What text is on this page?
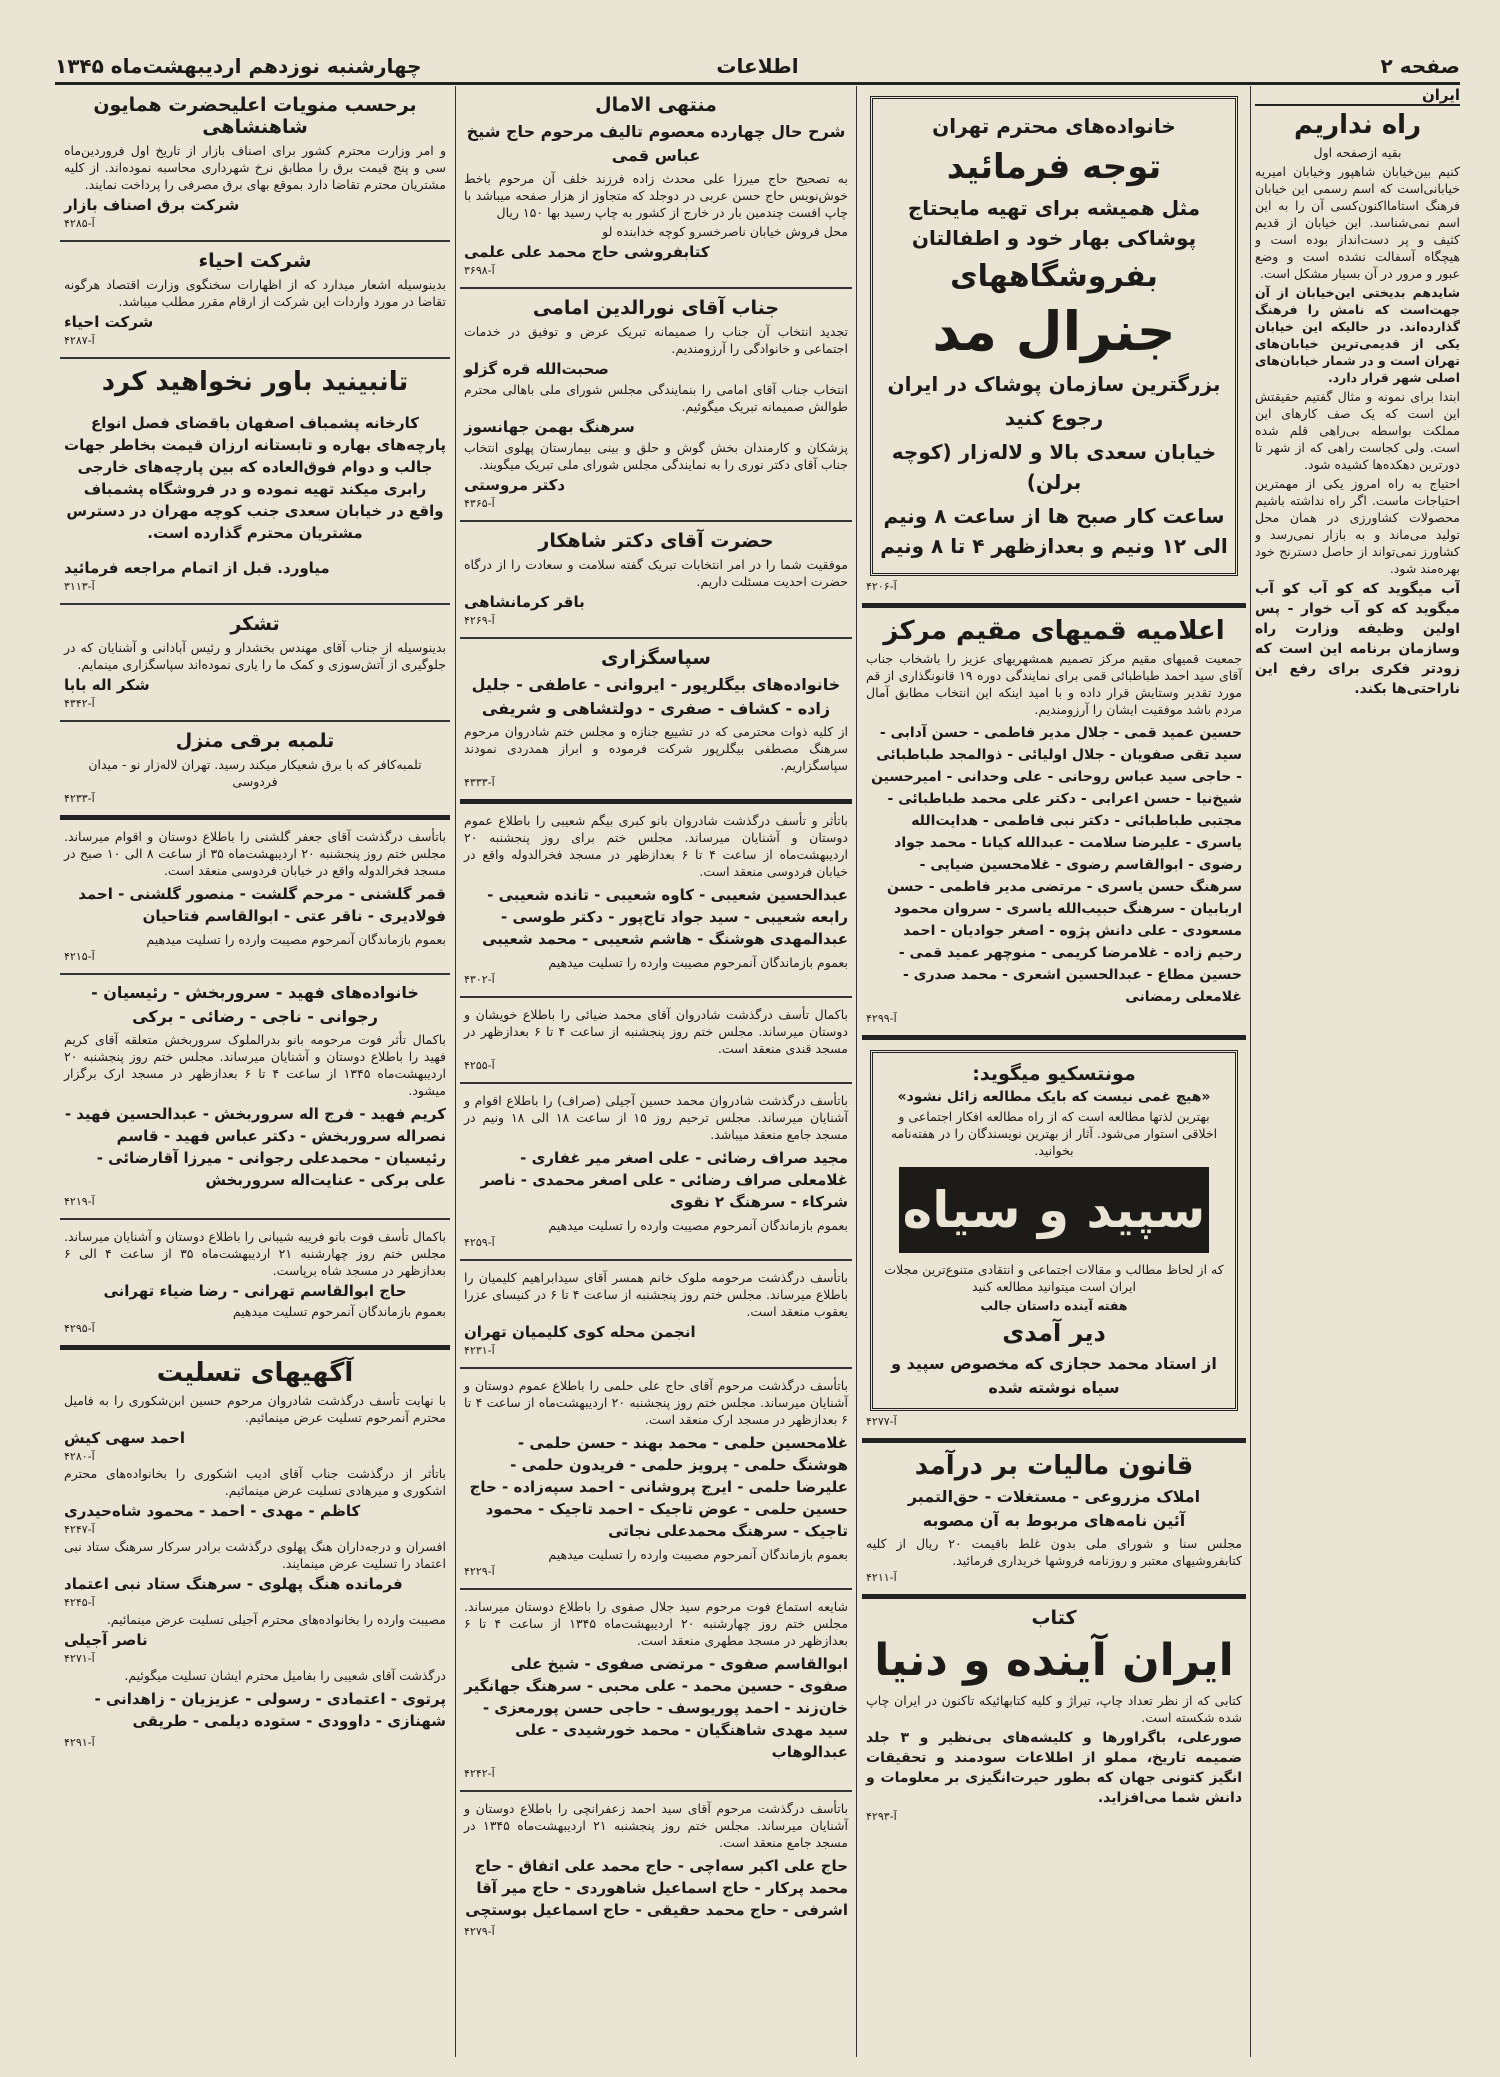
صفحه ۲
اطلاعات
چهارشنبه نوزدهم اردیبهشت‌ماه ۱۳۴۵
ایران
راه نداریم

بقیه ازصفحه اول

کنیم بین‌خیابان شاهپور وخیابان امیریه خیابانی‌است که اسم رسمی این خیابان فرهنگ استامااکنون‌کسی آن را به این اسم نمی‌شناسد. این خیابان از قدیم کثیف و پر دست‌انداز بوده است و هیچگاه آسفالت نشده است و وضع عبور و مرور در آن بسیار مشکل است.

شاید‌هم بدیختی این‌خیابان از آن جهت‌است که نامش را فرهنگ گذارده‌اند. در حالیکه این خیابان یکی از قدیمی‌ترین خیابان‌های تهران است و در شمار خیابان‌های اصلی شهر قرار دارد.

ابتدا برای نمونه و مثال گفتیم حقیقتش این است که یک صف کارهای این مملکت بواسطه بی‌راهی قلم شده است. ولی کجاست راهی که از شهر تا دورترین دهکده‌ها کشیده شود.

احتیاج به راه امروز یکی از مهمترین احتیاجات ماست. اگر راه نداشته باشیم محصولات کشاورزی در همان محل تولید می‌ماند و به بازار نمی‌رسد و کشاورز نمی‌تواند از حاصل دسترنج خود بهره‌مند شود.

آب میگوید که کو آب‌ کو آب میگوید که کو آب خوار - پس اولین وظیفه وزارت راه وسازمان برنامه این است که زودتر فکری برای رفع این ناراحتی‌ها بکند.

خانواده‌های محترم تهران
توجه فرمائید
مثل همیشه برای تهیه مایحتاج پوشاکی بهار خود و اطفالتان
بفروشگاههای
جنرال مد
بزرگترین سازمان پوشاک در ایران
رجوع کنید
خیابان سعدی بالا و لاله‌زار (کوچه برلن)
ساعت کار صبح ها از ساعت ۸ ونیم الی ۱۲ ونیم و بعدازظهر ۴ تا ۸ ونیم
آ-۴۲۰۶
اعلامیه قمیهای مقیم مرکز

جمعیت قمیهای مقیم مرکز تصمیم همشهریهای عزیز را باشخاب جناب آقای سید احمد طباطبائی قمی برای نمایندگی دوره ۱۹ قانونگذاری از قم مورد تقدیر وستایش قرار داده و با امید اینکه این انتخاب مطابق آمال مردم باشد موفقیت ایشان را آرزومندیم.

حسین عمید قمی - جلال مدیر فاطمی - حسن آدابی - سید تقی صفویان - جلال اولیائی - ذوالمجد طباطبائی - حاجی سید عباس روحانی - علی وحدانی - امیرحسین شیخ‌نیا - حسن اعرابی - دکتر علی محمد طباطبائی - مجتبی طباطبائی - دکتر نبی فاطمی - هدایت‌الله یاسری - علیرضا سلامت - عبدالله کیانا - محمد جواد رضوی - ابوالقاسم رضوی - غلامحسین ضیایی - سرهنگ حسن یاسری - مرتضی مدیر فاطمی - حسن اربابیان - سرهنگ حبیب‌الله یاسری - سروان محمود مسعودی - علی دانش پژوه - اصغر جوادیان - احمد رحیم زاده - غلامرضا کریمی - منوچهر عمید قمی - حسین مطاع - عبدالحسین اشعری - محمد صدری - غلامعلی رمضانی

آ-۴۲۹۹
مونتسکیو میگوید:

«هیچ غمی نیست که بایک مطالعه زائل نشود»

بهترین لذتها مطالعه است که از راه مطالعه افکار اجتماعی و اخلاقی استوار می‌شود. آثار از بهترین نویسندگان را در هفته‌نامه بخوانید.

سپید و سیاه

که از لحاظ مطالب و مقالات اجتماعی و انتقادی متنوع‌ترین مجلات ایران است میتوانید مطالعه کنید

هفته آینده داستان جالب

دیر آمدی
از استاد محمد حجازی که مخصوص سپید و سیاه نوشته شده
آ-۴۲۷۷
قانون مالیات بر درآمد
املاک مزروعی - مستغلات - حق‌التمبر
آئین نامه‌های مربوط به آن مصوبه

مجلس سنا و شورای ملی بدون غلط باقیمت ۲۰ ریال از کلیه کتابفروشیهای معتبر و روزنامه فروشها خریداری فرمائید.

آ-۴۲۱۱
کتاب
ایران آینده و دنیا

کتابی که از نظر تعداد چاپ، تیراژ و کلیه کتابهائیکه تاکنون در ایران چاپ شده شکسته است.

صورعلی، باگراورها و کلیشه‌های بی‌نظیر و ۳ جلد ضمیمه تاریخ، مملو از اطلاعات سودمند و تحقیقات انگیز کتونی جهان که بطور حیرت‌انگیزی بر معلومات و دانش شما می‌افزاید.

آ-۴۲۹۳
منتهی الامال
شرح حال چهارده معصوم تالیف مرحوم حاج شیخ عباس قمی

به تصحیح حاج میرزا علی محدث زاده فرزند خلف آن مرحوم باخط خوش‌نویس حاج حسن عربی در دوجلد که متجاوز از هزار صفحه میباشد با چاپ افست چندمین بار در خارج از کشور به چاپ رسید بها ۱۵۰ ریال

محل فروش خیابان ناصرخسرو کوچه خدابنده لو

کتابفروشی حاج محمد علی علمی
آ-۳۶۹۸
جناب آقای نورالدین امامی

تجدید انتخاب آن جناب را صمیمانه تبریک عرض و توفیق در خدمات اجتماعی و خانوادگی را آرزومندیم.

صحبت‌الله قره گزلو

انتخاب جناب آقای امامی را بنمایندگی مجلس شورای ملی باهالی محترم طوالش صمیمانه تبریک میگوئیم.

سرهنگ بهمن جهانسوز

پزشکان و کارمندان بخش گوش و حلق و بینی بیمارستان پهلوی انتخاب جناب آقای دکتر نوری را به نمایندگی مجلس شورای ملی تبریک میگویند.

دکتر مروستی
آ-۴۳۶۵
حضرت آقای دکتر شاهکار

موفقیت شما را در امر انتخابات تبریک گفته سلامت و سعادت را از درگاه حضرت احدیت مسئلت داریم.

باقر کرمانشاهی
آ-۴۲۶۹
سپاسگزاری
خانواده‌های بیگلرپور - ایروانی - عاطفی - جلیل زاده - کشاف - صفری - دولتشاهی و شریفی

از کلیه ذوات محترمی که در تشییع جنازه و مجلس ختم شادروان مرحوم سرهنگ مصطفی بیگلرپور شرکت فرموده و ابراز همدردی نمودند سپاسگزاریم.

آ-۴۳۳۳

باتأثر و تأسف درگذشت شادروان بانو کبری بیگم شعیبی را باطلاع عموم دوستان و آشنایان میرساند. مجلس ختم برای روز پنجشنبه ۲۰ اردیبهشت‌ماه از ساعت ۴ تا ۶ بعدازظهر در مسجد فخرالدوله واقع در خیابان فردوسی منعقد است.

عبدالحسین شعیبی - کاوه شعیبی - تانده شعیبی - رابعه شعیبی - سید جواد تاج‌پور - دکتر طوسی - عبدالمهدی هوشنگ - هاشم شعیبی - محمد شعیبی

بعموم بازماندگان آنمرحوم مصیبت وارده را تسلیت میدهیم

آ-۴۳۰۲

باکمال تأسف درگذشت شادروان آقای محمد ضیائی را باطلاع خویشان و دوستان میرساند. مجلس ختم روز پنجشنبه از ساعت ۴ تا ۶ بعدازظهر در مسجد قندی منعقد است.

آ-۴۲۵۵

باتأسف درگذشت شادروان محمد حسین آجیلی (صراف) را باطلاع اقوام و آشنایان میرساند. مجلس ترحیم روز ۱۵ از ساعت ۱۸ الی ۱۸ ونیم در مسجد جامع منعقد میباشد.

مجید صراف رضائی - علی اصغر میر غفاری - غلامعلی صراف رضائی - علی اصغر محمدی - ناصر شرکاء - سرهنگ ۲ نقوی

بعموم بازماندگان آنمرحوم مصیبت وارده را تسلیت میدهیم

آ-۴۲۵۹

باتأسف درگذشت مرحومه ملوک خانم همسر آقای سیدابراهیم کلیمیان را باطلاع میرساند. مجلس ختم روز پنجشنبه از ساعت ۴ تا ۶ در کنیسای عزرا یعقوب منعقد است.

انجمن محله کوی کلیمیان تهران
آ-۴۲۳۱

باتأسف درگذشت مرحوم آقای حاج علی حلمی را باطلاع عموم دوستان و آشنایان میرساند. مجلس ختم روز پنجشنبه ۲۰ اردیبهشت‌ماه از ساعت ۴ تا ۶ بعدازظهر در مسجد ارک منعقد است.

غلامحسین حلمی - محمد بهند - حسن حلمی - هوشنگ حلمی - پرویز حلمی - فریدون حلمی - علیرضا حلمی - ایرج پروشانی - احمد سپه‌زاده - حاج حسین حلمی - عوض تاجیک - احمد تاجیک - محمود تاجیک - سرهنگ محمدعلی نجاتی

بعموم بازماندگان آنمرحوم مصیبت وارده را تسلیت میدهیم

آ-۴۲۲۹

شایعه استماع فوت مرحوم سید جلال صفوی را باطلاع دوستان میرساند. مجلس ختم روز چهارشنبه ۲۰ اردیبهشت‌ماه ۱۳۴۵ از ساعت ۴ تا ۶ بعدازظهر در مسجد مطهری منعقد است.

ابوالقاسم صفوی - مرتضی صفوی - شیخ علی صفوی - حسین محمد - علی محبی - سرهنگ جهانگیر خان‌زند - احمد پوریوسف - حاجی حسن پورمعزی - سید مهدی شاهنگیان - محمد خورشیدی - علی عبدالوهاب

آ-۴۲۴۲

باتأسف درگذشت مرحوم آقای سید احمد زعفرانچی را باطلاع دوستان و آشنایان میرساند. مجلس ختم روز پنجشنبه ۲۱ اردیبهشت‌ماه ۱۳۴۵ در مسجد جامع منعقد است.

حاج علی اکبر سه‌اچی - حاج محمد علی اتفاق - حاج محمد پرکار - حاج اسماعیل شاهوردی - حاج میر آقا اشرفی - حاج محمد حقیقی - حاج اسماعیل بوستچی

آ-۴۲۷۹
برحسب منویات اعلیحضرت همایون شاهنشاهی

و امر وزارت محترم کشور برای اصناف بازار از تاریخ اول فروردین‌ماه سی و پنج قیمت برق را مطابق نرخ شهرداری محاسبه نموده‌اند. از کلیه مشتریان محترم تقاضا دارد بموقع بهای برق مصرفی را پرداخت نمایند.

شرکت برق اصناف بازار
آ-۴۲۸۵
شرکت احیاء

بدینوسیله اشعار میدارد که از اظهارات سخنگوی وزارت اقتصاد هرگونه تقاضا در مورد واردات این شرکت از ارقام مقرر مطلب میباشد.

شرکت احیاء
آ-۴۲۸۷
تانبینید باور نخواهید کرد

کارخانه پشمباف اصفهان باقضای فصل انواع پارچه‌های بهاره و تابستانه ارزان قیمت بخاطر جهات جالب و دوام فوق‌العاده که بین پارچه‌های خارجی رابری میکند تهیه نموده و در فروشگاه پشمباف واقع در خیابان سعدی جنب کوچه مهران در دسترس مشتریان محترم گذارده است.

میاورد. قبل از اتمام مراجعه فرمائید
آ-۳۱۱۳
تشکر

بدینوسیله از جناب آقای مهندس بخشدار و رئیس آبادانی و آشنایان که در جلوگیری از آتش‌سوزی و کمک ما را یاری نموده‌اند سپاسگزاری مینمایم.

شکر اله بابا
آ-۴۳۴۲
تلمبه برقی منزل

تلمبه‌کافر که با برق شعیکار میکند رسید. تهران لاله‌زار نو - میدان فردوسی

آ-۴۲۳۳

باتأسف درگذشت آقای جعفر گلشنی را باطلاع دوستان و اقوام میرساند. مجلس ختم روز پنجشنبه ۲۰ اردیبهشت‌ماه ۳۵ از ساعت ۸ الی ۱۰ صبح در مسجد فخرالدوله واقع در خیابان فردوسی منعقد است.

قمر گلشنی - مرحم گلشت - منصور گلشنی - احمد فولادیری - ناقر عتی - ابوالقاسم فتاحیان

بعموم بازماندگان آنمرحوم مصیبت وارده را تسلیت میدهیم

آ-۴۲۱۵
خانواده‌های فهید - سروربخش - رئیسیان - رجوانی - ناجی - رضائی - برکی

باکمال تأثر فوت مرحومه بانو بدرالملوک سروربخش متعلقه آقای کریم فهید را باطلاع دوستان و آشنایان میرساند. مجلس ختم روز پنجشنبه ۲۰ اردیبهشت‌ماه ۱۳۴۵ از ساعت ۴ تا ۶ بعدازظهر در مسجد ارک برگزار میشود.

کریم فهید - فرج اله سروربخش - عبدالحسین فهید - نصراله سروربخش - دکتر عباس فهید - قاسم رئیسیان - محمدعلی رجوانی - میرزا آقارضائی - علی برکی - عنایت‌اله سروربخش

آ-۴۲۱۹

باکمال تأسف فوت بانو فریبه شیبانی را باطلاع دوستان و آشنایان میرساند. مجلس ختم روز چهارشنبه ۲۱ اردیبهشت‌ماه ۳۵ از ساعت ۴ الی ۶ بعدازظهر در مسجد شاه برپاست.

حاج ابوالقاسم تهرانی - رضا ضیاء تهرانی

بعموم بازماندگان آنمرحوم تسلیت میدهیم

آ-۴۲۹۵
آگهیهای تسلیت

با نهایت تأسف درگذشت شادروان مرحوم حسین ابن‌شکوری را به فامیل محترم آنمرحوم تسلیت عرض مینمائیم.

احمد سهی کیش
آ-۴۲۸۰

باتأثر از درگذشت جناب آقای ادیب اشکوری را بخانواده‌های محترم اشکوری و میرهادی تسلیت عرض مینمائیم.

کاظم - مهدی - احمد - محمود شاه‌حیدری
آ-۴۲۴۷

افسران و درجه‌داران هنگ پهلوی درگذشت برادر سرکار سرهنگ ستاد نبی اعتماد را تسلیت عرض مینمایند.

فرمانده هنگ پهلوی - سرهنگ ستاد نبی اعتماد
آ-۴۲۴۵

مصیبت وارده را بخانواده‌های محترم آجیلی تسلیت عرض مینمائیم.

ناصر آجیلی
آ-۴۲۷۱

درگذشت آقای شعیبی را بفامیل محترم ایشان تسلیت میگوئیم.

پرتوی - اعتمادی - رسولی - عزیزیان - زاهدانی - شهنازی - داوودی - ستوده دیلمی - طریقی

آ-۴۲۹۱
